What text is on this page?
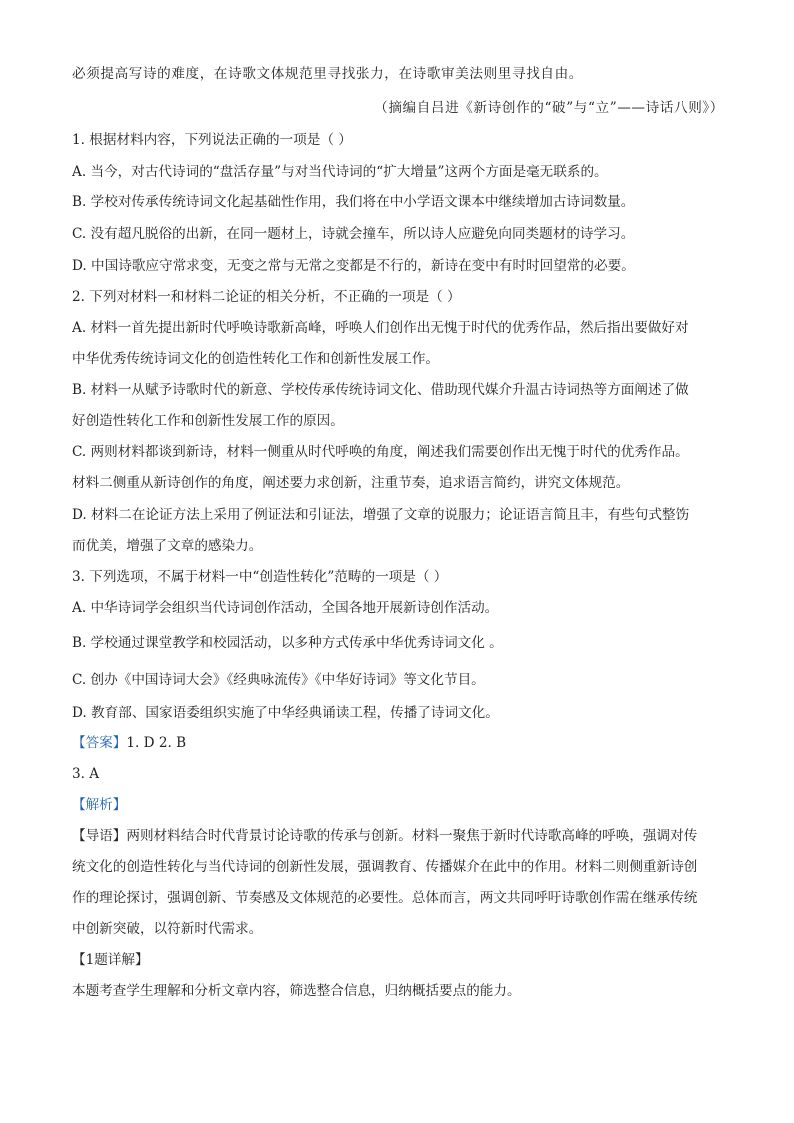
必须提高写诗的难度，在诗歌文体规范里寻找张力，在诗歌审美法则里寻找自由。
（摘编自吕进《新诗创作的“破”与“立”——诗话八则》）
1. 根据材料内容，下列说法正确的一项是（ ）
A. 当今，对古代诗词的“盘活存量”与对当代诗词的“扩大增量”这两个方面是毫无联系的。
B. 学校对传承传统诗词文化起基础性作用，我们将在中小学语文课本中继续增加古诗词数量。
C. 没有超凡脱俗的出新，在同一题材上，诗就会撞车，所以诗人应避免向同类题材的诗学习。
D. 中国诗歌应守常求变，无变之常与无常之变都是不行的，新诗在变中有时时回望常的必要。
2. 下列对材料一和材料二论证的相关分析，不正确的一项是（ ）
A. 材料一首先提出新时代呼唤诗歌新高峰，呼唤人们创作出无愧于时代的优秀作品，然后指出要做好对
中华优秀传统诗词文化的创造性转化工作和创新性发展工作。
B. 材料一从赋予诗歌时代的新意、学校传承传统诗词文化、借助现代媒介升温古诗词热等方面阐述了做
好创造性转化工作和创新性发展工作的原因。
C. 两则材料都谈到新诗，材料一侧重从时代呼唤的角度，阐述我们需要创作出无愧于时代的优秀作品。
材料二侧重从新诗创作的角度，阐述要力求创新，注重节奏，追求语言简约，讲究文体规范。
D. 材料二在论证方法上采用了例证法和引证法，增强了文章的说服力；论证语言简且丰，有些句式整饬
而优美，增强了文章的感染力。
3. 下列选项，不属于材料一中“创造性转化”范畴的一项是（ ）
A. 中华诗词学会组织当代诗词创作活动，全国各地开展新诗创作活动。
B. 学校通过课堂教学和校园活动，以多种方式传承中华优秀诗词文化 。
C. 创办《中国诗词大会》《经典咏流传》《中华好诗词》等文化节目。
D. 教育部、国家语委组织实施了中华经典诵读工程，传播了诗词文化。
【答案】1. D 2. B
3. A
【解析】
【导语】两则材料结合时代背景讨论诗歌的传承与创新。材料一聚焦于新时代诗歌高峰的呼唤，强调对传
统文化的创造性转化与当代诗词的创新性发展，强调教育、传播媒介在此中的作用。材料二则侧重新诗创
作的理论探讨，强调创新、节奏感及文体规范的必要性。总体而言，两文共同呼吁诗歌创作需在继承传统
中创新突破，以符新时代需求。
【1题详解】
本题考查学生理解和分析文章内容，筛选整合信息，归纳概括要点的能力。
